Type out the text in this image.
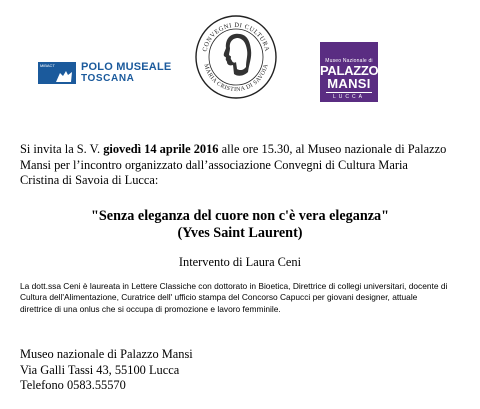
MiBACT POLO MUSEALE
TOSCANA
CONVEGNI DI CULTURA
MARIA CRISTINA DI SAVOIA
Museo Nazionale di
PALAZZO
MANSI
LUCCA

Si invita la S. V. giovedì 14 aprile 2016 alle ore 15.30, al Museo nazionale di Palazzo Mansi per l’incontro organizzato dall’associazione Convegni di Cultura Maria Cristina di Savoia di Lucca:

"Senza eleganza del cuore non c'è vera eleganza"
(Yves Saint Laurent)
Intervento di Laura Ceni

La dott.ssa Ceni è laureata in Lettere Classiche con dottorato in Bioetica, Direttrice di collegi universitari, docente di Cultura dell'Alimentazione, Curatrice dell' ufficio stampa del Concorso Capucci per giovani designer, attuale direttrice di una onlus che si occupa di promozione e lavoro femminile.

Museo nazionale di Palazzo Mansi
Via Galli Tassi 43, 55100 Lucca
Telefono 0583.55570
